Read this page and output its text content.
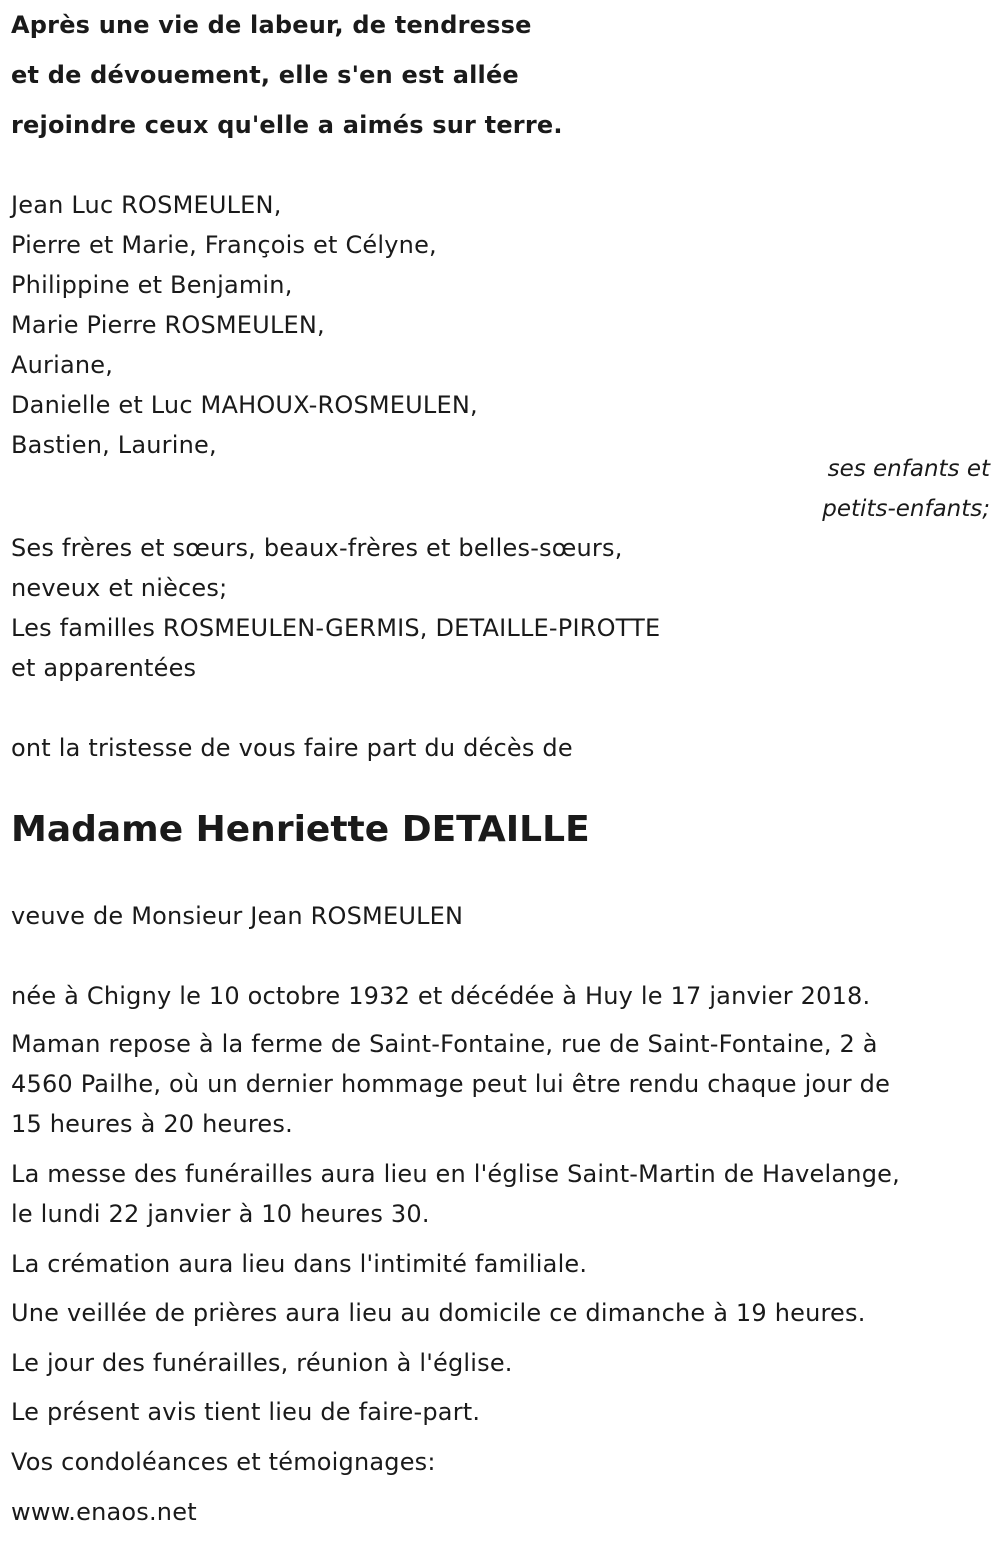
Après une vie de labeur, de tendresse
et de dévouement, elle s'en est allée
rejoindre ceux qu'elle a aimés sur terre.
Jean Luc ROSMEULEN,
Pierre et Marie, François et Célyne,
Philippine et Benjamin,
Marie Pierre ROSMEULEN,
Auriane,
Danielle et Luc MAHOUX-ROSMEULEN,
Bastien, Laurine,
ses enfants et
petits-enfants;
Ses frères et sœurs, beaux-frères et belles-sœurs,
neveux et nièces;
Les familles ROSMEULEN-GERMIS, DETAILLE-PIROTTE
et apparentées
ont la tristesse de vous faire part du décès de
Madame Henriette DETAILLE
veuve de Monsieur Jean ROSMEULEN
née à Chigny le 10 octobre 1932 et décédée à Huy le 17 janvier 2018.
Maman repose à la ferme de Saint-Fontaine, rue de Saint-Fontaine, 2 à
4560 Pailhe, où un dernier hommage peut lui être rendu chaque jour de
15 heures à 20 heures.
La messe des funérailles aura lieu en l'église Saint-Martin de Havelange,
le lundi 22 janvier à 10 heures 30.
La crémation aura lieu dans l'intimité familiale.
Une veillée de prières aura lieu au domicile ce dimanche à 19 heures.
Le jour des funérailles, réunion à l'église.
Le présent avis tient lieu de faire-part.
Vos condoléances et témoignages:
www.enaos.net
